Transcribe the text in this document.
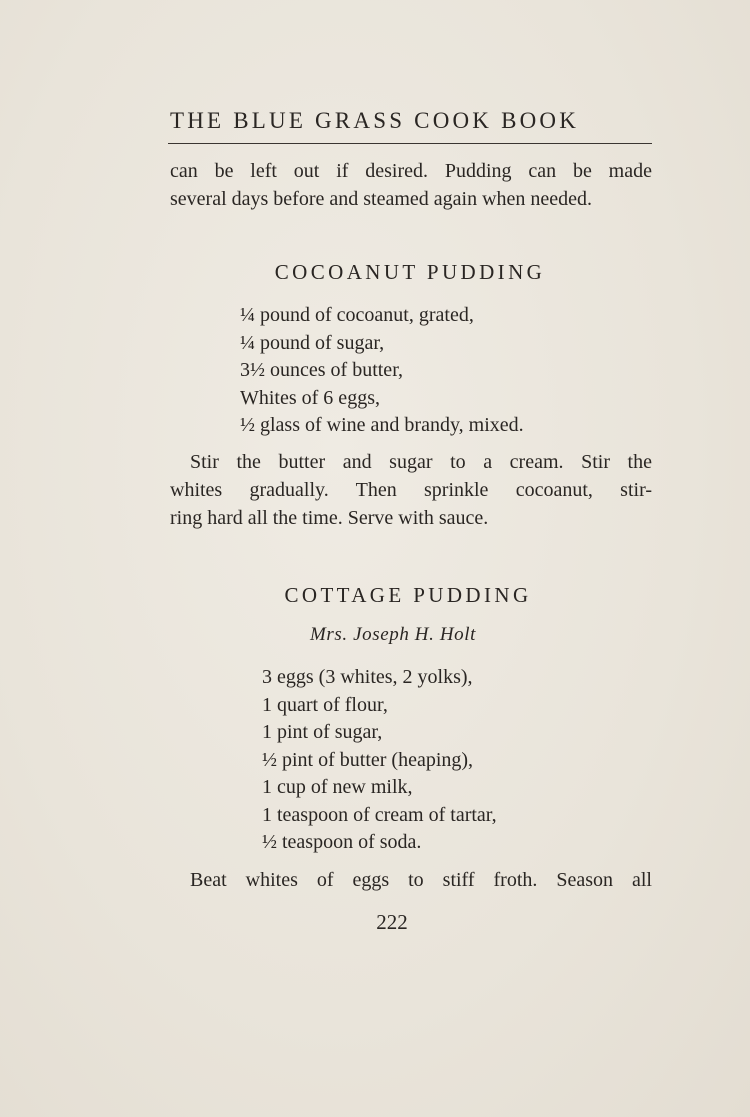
THE BLUE GRASS COOK BOOK
can be left out if desired. Pudding can be made
several days before and steamed again when needed.
COCOANUT PUDDING
¼ pound of cocoanut, grated,
¼ pound of sugar,
3½ ounces of butter,
Whites of 6 eggs,
½ glass of wine and brandy, mixed.
Stir the butter and sugar to a cream. Stir the
whites gradually. Then sprinkle cocoanut, stir-
ring hard all the time. Serve with sauce.
COTTAGE PUDDING
Mrs. Joseph H. Holt
3 eggs (3 whites, 2 yolks),
1 quart of flour,
1 pint of sugar,
½ pint of butter (heaping),
1 cup of new milk,
1 teaspoon of cream of tartar,
½ teaspoon of soda.
Beat whites of eggs to stiff froth. Season all
222
